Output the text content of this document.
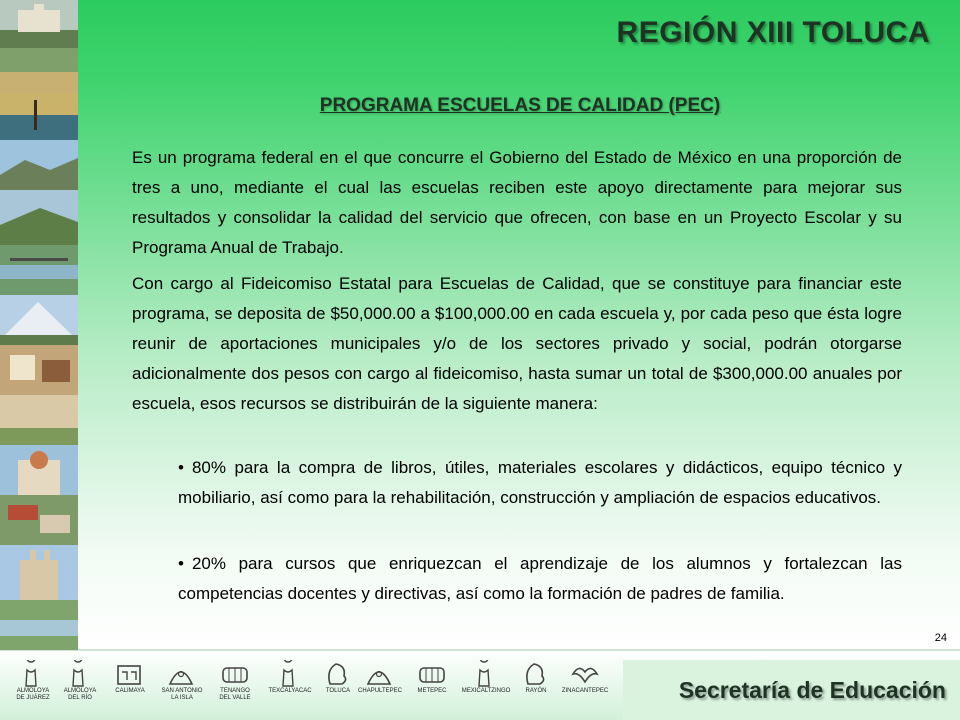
REGIÓN XIII TOLUCA
PROGRAMA ESCUELAS DE CALIDAD (PEC)
Es un programa federal en el que concurre el Gobierno del Estado de México en una proporción de tres a uno, mediante el cual las escuelas reciben este apoyo directamente para mejorar sus resultados y consolidar la calidad del servicio que ofrecen, con base en un Proyecto Escolar y su Programa Anual de Trabajo.
Con cargo al Fideicomiso Estatal para Escuelas de Calidad, que se constituye para financiar este programa, se deposita de $50,000.00 a $100,000.00 en cada escuela y, por cada peso que ésta logre reunir de aportaciones municipales y/o de los sectores privado y social, podrán otorgarse adicionalmente dos pesos con cargo al fideicomiso, hasta sumar un total de $300,000.00 anuales por escuela, esos recursos se distribuirán de la siguiente manera:
• 80% para la compra de libros, útiles, materiales escolares y didácticos, equipo técnico y mobiliario, así como para la rehabilitación, construcción y ampliación de espacios educativos.
• 20% para cursos que enriquezcan el aprendizaje de los alumnos y fortalezcan las competencias docentes y directivas, así como la formación de padres de familia.
24
ALMOLOYA
DE JUÁREZ
ALMOLOYA
DEL RÍO
CALIMAYA	SAN ANTONIO
LA ISLA
TENANGO
DEL VALLE
TEXCALYACAC	TOLUCA	CHAPULTEPEC	METEPEC	MEXICALTZINGO	RAYÓN	ZINACANTEPEC	Secretaría de Educación
